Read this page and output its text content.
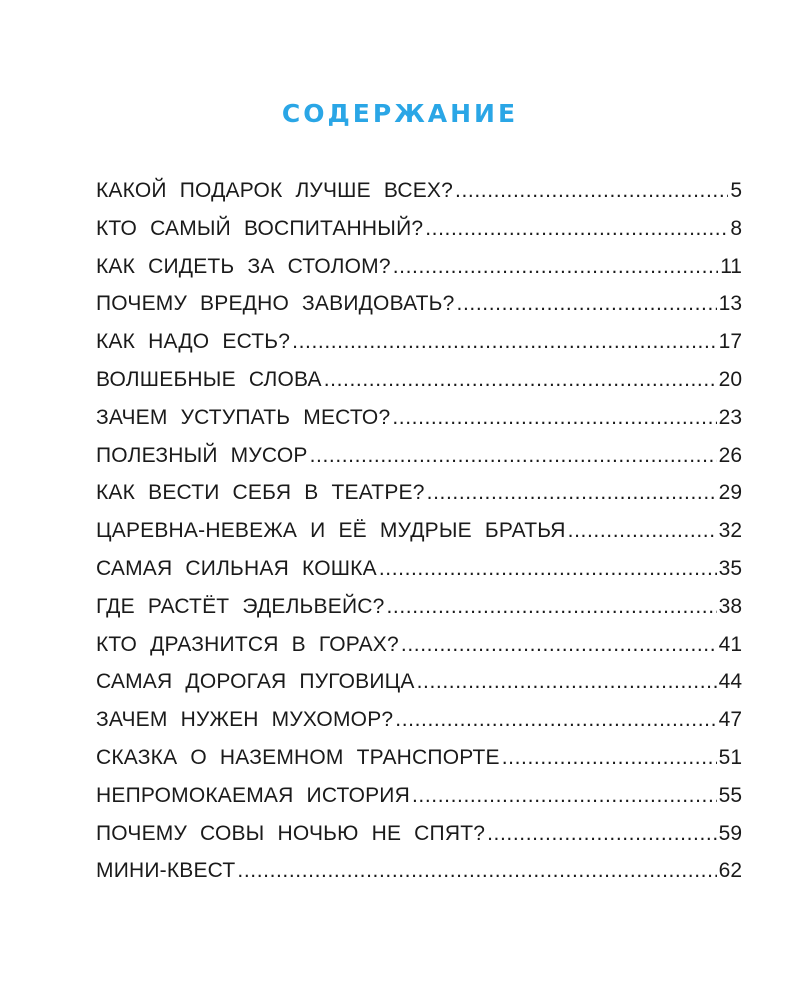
СОДЕРЖАНИЕ
КАКОЙ ПОДАРОК ЛУЧШЕ ВСЕХ? .....	5
КТО САМЫЙ ВОСПИТАННЫЙ? .....	8
КАК СИДЕТЬ ЗА СТОЛОМ? .....	11
ПОЧЕМУ ВРЕДНО ЗАВИДОВАТЬ? .....	13
КАК НАДО ЕСТЬ? .....	17
ВОЛШЕБНЫЕ СЛОВА .....	20
ЗАЧЕМ УСТУПАТЬ МЕСТО? .....	23
ПОЛЕЗНЫЙ МУСОР .....	26
КАК ВЕСТИ СЕБЯ В ТЕАТРЕ? .....	29
ЦАРЕВНА-НЕВЕЖА И ЕЁ МУДРЫЕ БРАТЬЯ .....	32
САМАЯ СИЛЬНАЯ КОШКА .....	35
ГДЕ РАСТЁТ ЭДЕЛЬВЕЙС? .....	38
КТО ДРАЗНИТСЯ В ГОРАХ? .....	41
САМАЯ ДОРОГАЯ ПУГОВИЦА .....	44
ЗАЧЕМ НУЖЕН МУХОМОР? .....	47
СКАЗКА О НАЗЕМНОМ ТРАНСПОРТЕ .....	51
НЕПРОМОКАЕМАЯ ИСТОРИЯ .....	55
ПОЧЕМУ СОВЫ НОЧЬЮ НЕ СПЯТ? .....	59
МИНИ-КВЕСТ .....	62
